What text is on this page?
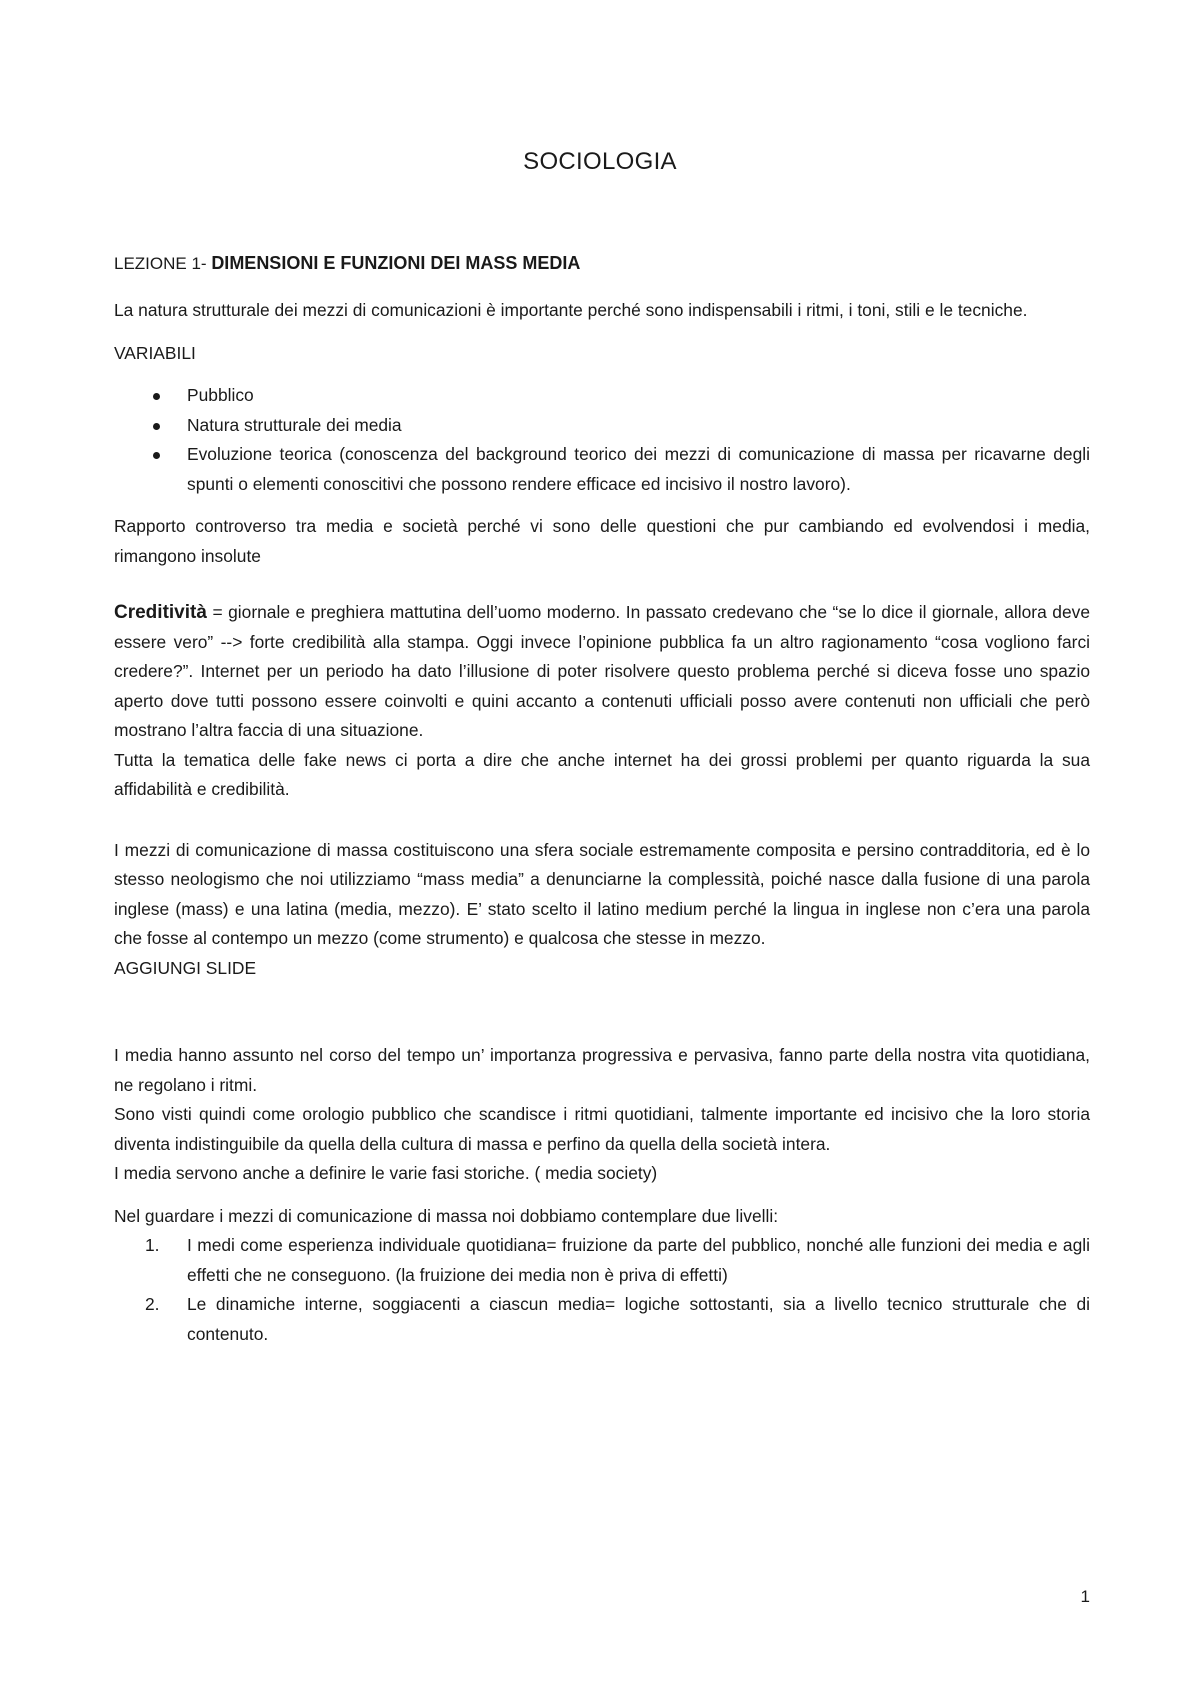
SOCIOLOGIA
LEZIONE 1- DIMENSIONI E FUNZIONI DEI MASS MEDIA

La natura strutturale dei mezzi di comunicazioni è importante perché sono indispensabili i ritmi, i toni, stili e le tecniche.

VARIABILI

Pubblico
Natura strutturale dei media
Evoluzione teorica (conoscenza del background teorico dei mezzi di comunicazione di massa per ricavarne degli spunti o elementi conoscitivi che possono rendere efficace ed incisivo il nostro lavoro).

Rapporto controverso tra media e società perché vi sono delle questioni che pur cambiando ed evolvendosi i media, rimangono insolute

Creditività = giornale e preghiera mattutina dell’uomo moderno. In passato credevano che “se lo dice il giornale, allora deve essere vero” --> forte credibilità alla stampa. Oggi invece l’opinione pubblica fa un altro ragionamento “cosa vogliono farci credere?”. Internet per un periodo ha dato l’illusione di poter risolvere questo problema perché si diceva fosse uno spazio aperto dove tutti possono essere coinvolti e quini accanto a contenuti ufficiali posso avere contenuti non ufficiali che però mostrano l’altra faccia di una situazione.

Tutta la tematica delle fake news ci porta a dire che anche internet ha dei grossi problemi per quanto riguarda la sua affidabilità e credibilità.

I mezzi di comunicazione di massa costituiscono una sfera sociale estremamente composita e persino contradditoria, ed è lo stesso neologismo che noi utilizziamo “mass media” a denunciarne la complessità, poiché nasce dalla fusione di una parola inglese (mass) e una latina (media, mezzo). E’ stato scelto il latino medium perché la lingua in inglese non c’era una parola che fosse al contempo un mezzo (come strumento) e qualcosa che stesse in mezzo.

AGGIUNGI SLIDE

I media hanno assunto nel corso del tempo un’ importanza progressiva e pervasiva, fanno parte della nostra vita quotidiana, ne regolano i ritmi.

Sono visti quindi come orologio pubblico che scandisce i ritmi quotidiani, talmente importante ed incisivo che la loro storia diventa indistinguibile da quella della cultura di massa e perfino da quella della società intera.

I media servono anche a definire le varie fasi storiche. ( media society)

Nel guardare i mezzi di comunicazione di massa noi dobbiamo contemplare due livelli:

1. I medi come esperienza individuale quotidiana= fruizione da parte del pubblico, nonché alle funzioni dei media e agli effetti che ne conseguono. (la fruizione dei media non è priva di effetti)
2. Le dinamiche interne, soggiacenti a ciascun media= logiche sottostanti, sia a livello tecnico strutturale che di contenuto.
1
